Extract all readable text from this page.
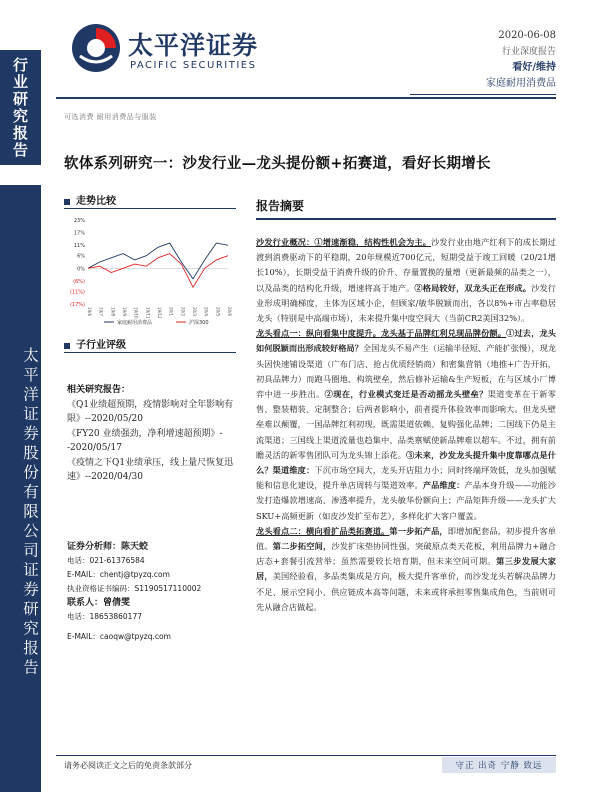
行业研究报告
太平洋证券股份有限公司证券研究报告
太平洋证券
PACIFIC SECURITIES
2020-06-08
行业深度报告
看好/维持
家庭耐用消费品
可选消费 耐用消费品与服装
软体系列研究一：沙发行业—龙头提份额+拓赛道，看好长期增长
走势比较
23%
17%
11%
6%
0%
(6%)
(11%)
(17%)
19/6 19/7 19/8 19/9 19/10 19/11 19/12 20/1 20/2 20/3 20/4 20/5 20/6
家庭耐用消费品	沪深300
子行业评级
相关研究报告：
《Q1业绩超预期，疫情影响对全年影响有限》--2020/05/20
《FY20 业绩强劲，净利增速超预期》--2020/05/17
《疫情之下Q1业绩承压，线上量尺恢复迅速》--2020/04/30
证券分析师：陈天蛟
电话：021-61376584
E-MAIL：chentj@tpyzq.com
执业资格证书编码：S1190517110002
联系人：曾倩雯
电话：18653860177
E-MAIL：caoqw@tpyzq.com
报告摘要

沙发行业概况：①增速渐稳，结构性机会为主。沙发行业由地产红利下的成长期过渡到消费驱动下的平稳期，20年规模近700亿元，短期受益于竣工回暖（20/21增长10%），长期受益于消费升级的价升、存量置换的量增（更新最频的品类之一），以及品类的结构化升级，增速将高于地产。②格局较好，双龙头正在形成。沙发行业形成明确梯度，主体为区域小企，但顾家/敏华脱颖而出，各以8%+市占率稳居龙头（特别是中高端市场），未来提升集中度空间大（当前CR2美国32%）。

龙头看点一：纵向看集中度提升。龙头基于品牌红利兑现品牌份额。①过去，龙头如何脱颖而出形成较好格局？全国龙头不易产生（运输半径短、产能扩张慢），现龙头因快速铺设渠道（广布门店、抢占优质经销商）和密集营销（地推+广告开拓，初具品牌力）而跑马圈地、构筑壁垒，然后修补运输&生产短板，在与区域小厂博弈中进一步胜出。②现在，行业模式变迁是否动摇龙头壁垒？渠道变革在于新零售、整装精装、定制整合；后两者影响小，前者提升体验效率而影响大。但龙头壁垒难以颠覆，一国品牌红利初现，既需渠道依赖、复购强化品牌；二国线下仍是主流渠道；三国线上渠道流量也趋集中、品类禀赋使新品牌难以超车。不过，拥有前瞻灵活的新零售团队可为龙头锦上添花。③未来，沙发龙头提升集中度靠哪点是什么？渠道维度：下沉市场空间大，龙头开店阻力小；同时终端坪效低，龙头加强赋能和信息化建设，提升单店周转与渠道效率。产品维度：产品本身升级——功能沙发打造爆款增速高、渗透率提升，龙头敏华份额向上；产品矩阵升级——龙头扩大SKU+高频更新（如皮沙发扩至布艺），多样化扩大客户覆盖。

龙头看点二：横向看扩品类拓赛道。第一步拓产品，即增加配套品，初步提升客单值。第二步拓空间，沙发扩床垫协同性强，突破原点类天花板，利用品牌力+融合店态+套餐引流营举；虽然需要较长培育期，但未来空间可期。第三步发展大家居，美国经验看，多品类集成是方向，极大提升客单价，而沙发龙头若解决品牌力不足、展示空间小、供应链成本高等问题，未来或将承担零售集成角色，当前则可先从融合店做起。

请务必阅读正文之后的免责条款部分	守正 出奇 宁静 致远
